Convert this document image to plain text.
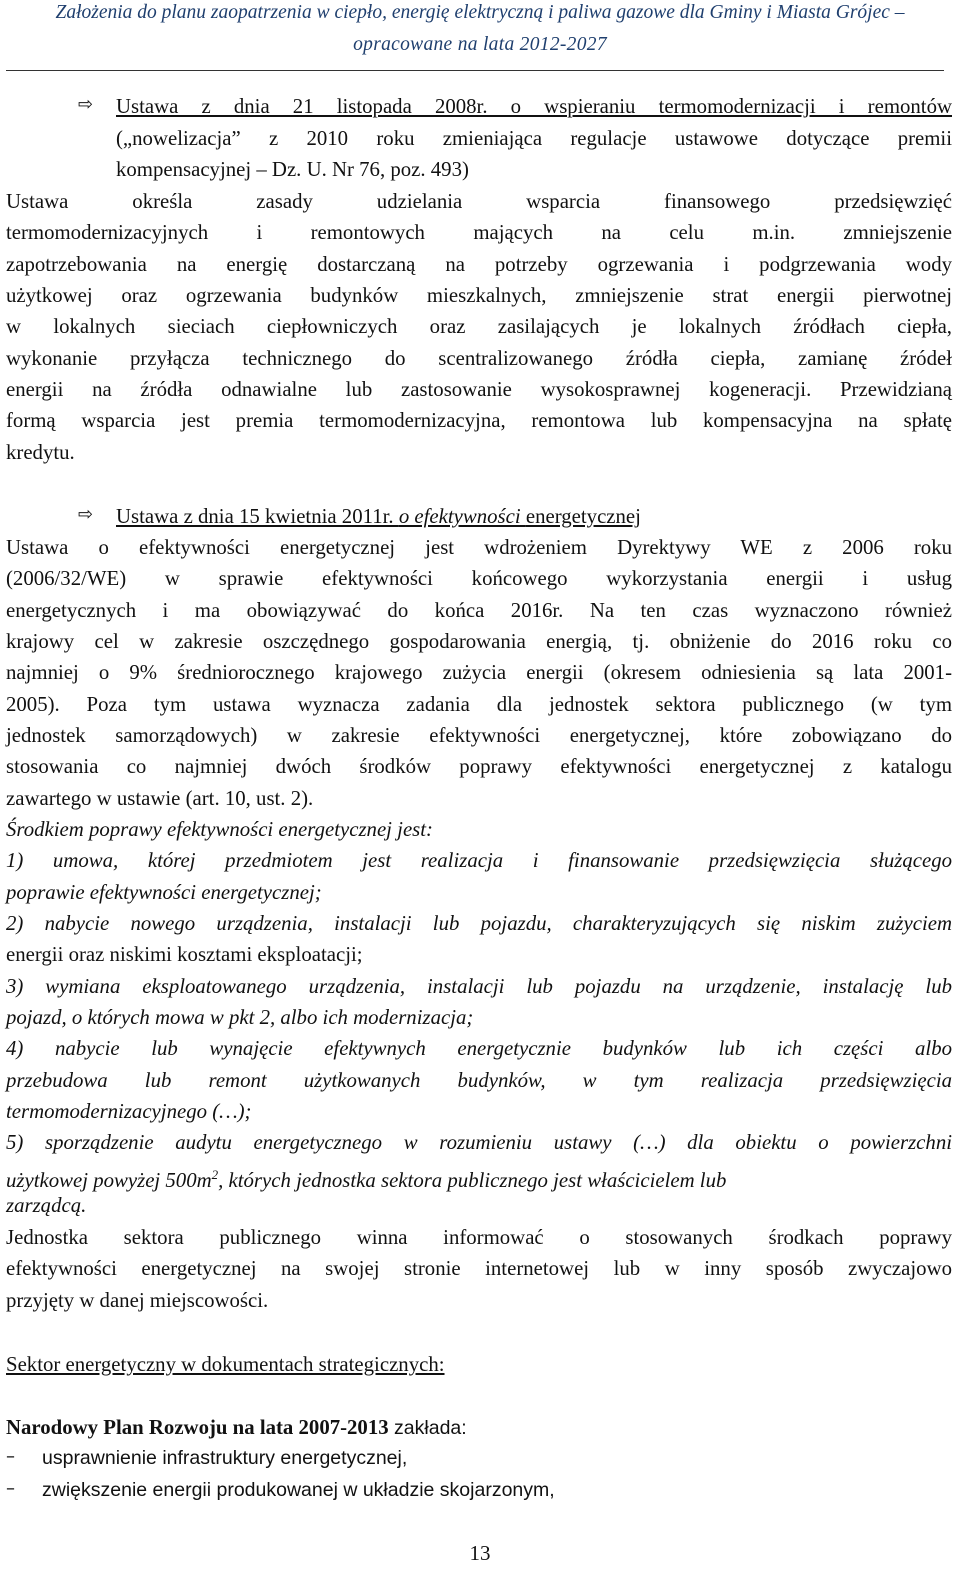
Założenia do planu zaopatrzenia w ciepło, energię elektryczną i paliwa gazowe dla Gminy i Miasta Grójec –
opracowane na lata 2012-2027
⇨ Ustawa z dnia 21 listopada 2008r. o wspieraniu termomodernizacji i remontów
(„nowelizacja” z 2010 roku zmieniająca regulacje ustawowe dotyczące premii
kompensacyjnej – Dz. U. Nr 76, poz. 493)
Ustawa określa zasady udzielania wsparcia finansowego przedsięwzięć
termomodernizacyjnych i remontowych mających na celu m.in. zmniejszenie
zapotrzebowania na energię dostarczaną na potrzeby ogrzewania i podgrzewania wody
użytkowej oraz ogrzewania budynków mieszkalnych, zmniejszenie strat energii pierwotnej
w lokalnych sieciach ciepłowniczych oraz zasilających je lokalnych źródłach ciepła,
wykonanie przyłącza technicznego do scentralizowanego źródła ciepła, zamianę źródeł
energii na źródła odnawialne lub zastosowanie wysokosprawnej kogeneracji. Przewidzianą
formą wsparcia jest premia termomodernizacyjna, remontowa lub kompensacyjna na spłatę
kredytu.
⇨ Ustawa z dnia 15 kwietnia 2011r. o efektywności energetycznej
Ustawa o efektywności energetycznej jest wdrożeniem Dyrektywy WE z 2006 roku
(2006/32/WE) w sprawie efektywności końcowego wykorzystania energii i usług
energetycznych i ma obowiązywać do końca 2016r. Na ten czas wyznaczono również
krajowy cel w zakresie oszczędnego gospodarowania energią, tj. obniżenie do 2016 roku co
najmniej o 9% średniorocznego krajowego zużycia energii (okresem odniesienia są lata 2001-
2005). Poza tym ustawa wyznacza zadania dla jednostek sektora publicznego (w tym
jednostek samorządowych) w zakresie efektywności energetycznej, które zobowiązano do
stosowania co najmniej dwóch środków poprawy efektywności energetycznej z katalogu
zawartego w ustawie (art. 10, ust. 2).
Środkiem poprawy efektywności energetycznej jest:
1) umowa, której przedmiotem jest realizacja i finansowanie przedsięwzięcia służącego
poprawie efektywności energetycznej;
2) nabycie nowego urządzenia, instalacji lub pojazdu, charakteryzujących się niskim zużyciem
energii oraz niskimi kosztami eksploatacji;
3) wymiana eksploatowanego urządzenia, instalacji lub pojazdu na urządzenie, instalację lub
pojazd, o których mowa w pkt 2, albo ich modernizacja;
4) nabycie lub wynajęcie efektywnych energetycznie budynków lub ich części albo
przebudowa lub remont użytkowanych budynków, w tym realizacja przedsięwzięcia
termomodernizacyjnego (…);
5) sporządzenie audytu energetycznego w rozumieniu ustawy (…) dla obiektu o powierzchni
użytkowej powyżej $500m^2$, których jednostka sektora publicznego jest właścicielem lub
zarządcą.
Jednostka sektora publicznego winna informować o stosowanych środkach poprawy
efektywności energetycznej na swojej stronie internetowej lub w inny sposób zwyczajowo
przyjęty w danej miejscowości.
Sektor energetyczny w dokumentach strategicznych:
Narodowy Plan Rozwoju na lata 2007-2013 zakłada:
– usprawnienie infrastruktury energetycznej,
– zwiększenie energii produkowanej w układzie skojarzonym,
13
